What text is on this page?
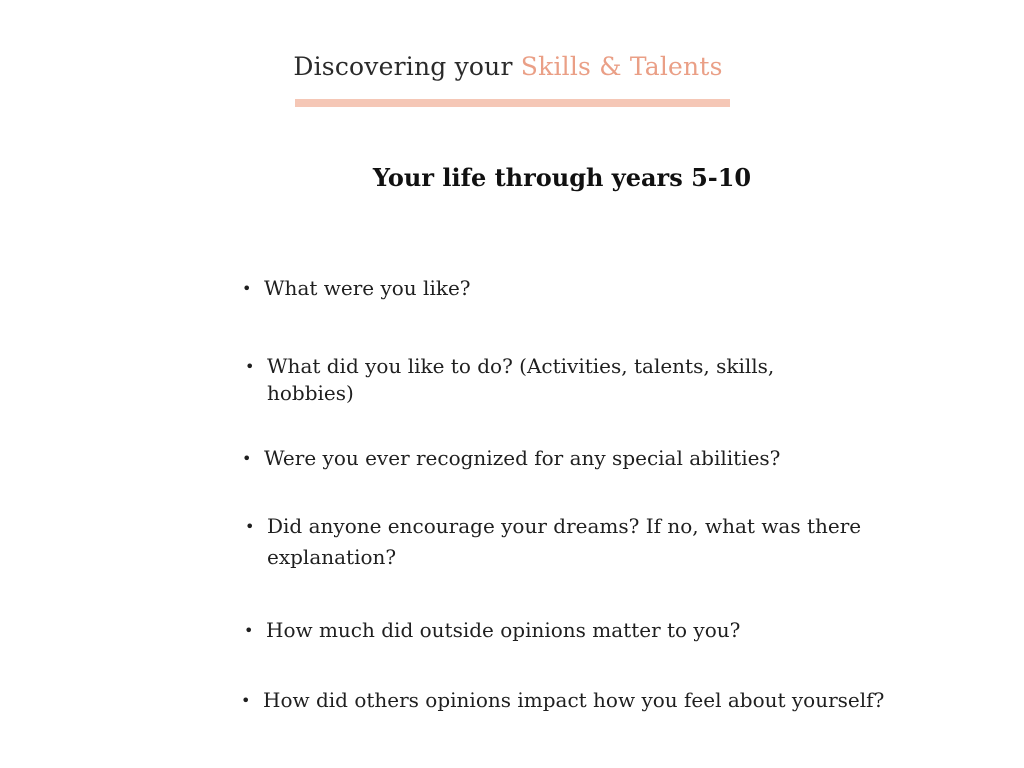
Discovering your Skills & Talents
Your life through years 5-10
• What were you like?
• What did you like to do? (Activities, talents, skills,
hobbies)
• Were you ever recognized for any special abilities?
• Did anyone encourage your dreams? If no, what was there
explanation?
• How much did outside opinions matter to you?
• How did others opinions impact how you feel about yourself?
